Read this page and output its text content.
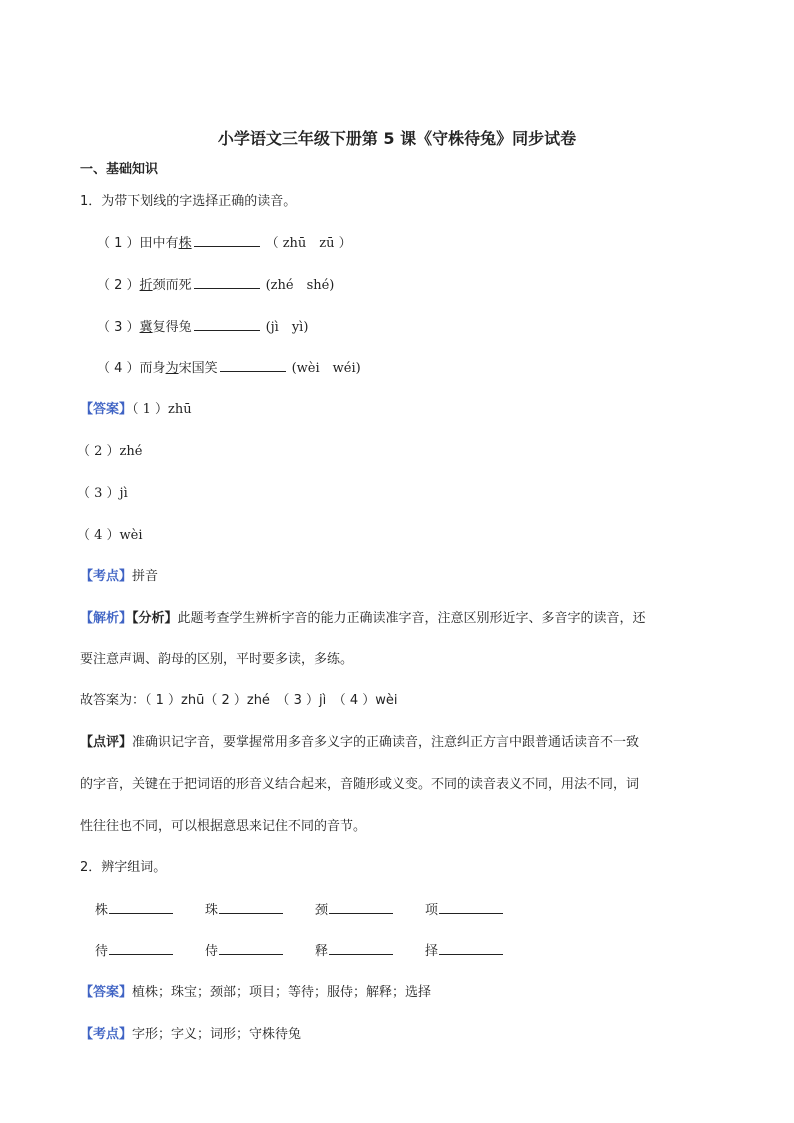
小学语文三年级下册第 5 课《守株待兔》同步试卷
一、基础知识
1．为带下划线的字选择正确的读音。
（ 1 ）田中有株	（ zhū　zū ）
（ 2 ）折颈而死	(zhé　shé)
（ 3 ）冀复得兔	(jì　yì)
（ 4 ）而身为宋国笑	(wèi　wéi)
【答案】（ 1 ）zhū
（ 2 ）zhé
（ 3 ）jì
（ 4 ）wèi
【考点】拼音
【解析】【分析】此题考查学生辨析字音的能力正确读准字音，注意区别形近字、多音字的读音，还
要注意声调、韵母的区别，平时要多读，多练。
故答案为：（ 1 ）zhū（ 2 ）zhé　（ 3 ）jì　（ 4 ）wèi
【点评】准确识记字音，要掌握常用多音多义字的正确读音，注意纠正方言中跟普通话读音不一致
的字音，关键在于把词语的形音义结合起来，音随形或义变。不同的读音表义不同，用法不同，词
性往往也不同，可以根据意思来记住不同的音节。
2．辨字组词。
株	珠	颈	项
待	侍	释	择
【答案】植株；珠宝；颈部；项目；等待；服侍；解释；选择
【考点】字形；字义；词形；守株待兔
